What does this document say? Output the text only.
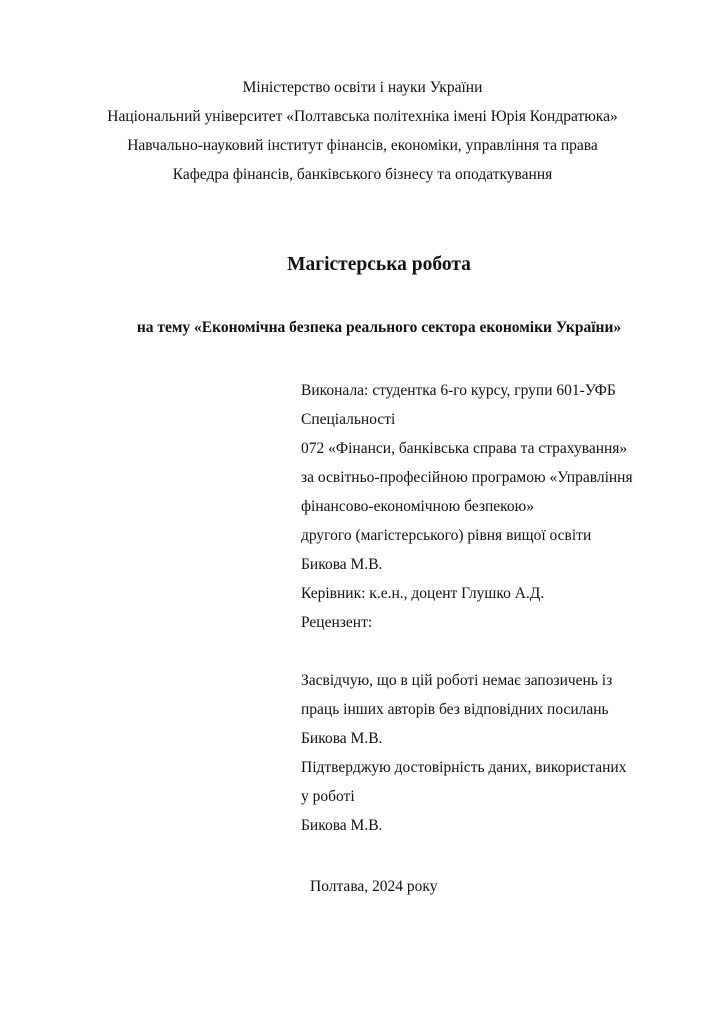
Міністерство освіти і науки України
Національний університет «Полтавська політехніка імені Юрія Кондратюка»
Навчально-науковий інститут фінансів, економіки, управління та права
Кафедра фінансів, банківського бізнесу та оподаткування
Магістерська робота
на тему «Економічна безпека реального сектора економіки України»
Виконала: студентка 6-го курсу, групи 601-УФБ
Спеціальності
072 «Фінанси, банківська справа та страхування»
за освітньо-професійною програмою «Управління
фінансово-економічною безпекою»
другого (магістерського) рівня вищої освіти
Бикова М.В.
Керівник: к.е.н., доцент Глушко А.Д.
Рецензент:
Засвідчую, що в цій роботі немає запозичень із
праць інших авторів без відповідних посилань
Бикова М.В.
Підтверджую достовірність даних, використаних
у роботі
Бикова М.В.
Полтава, 2024 року
